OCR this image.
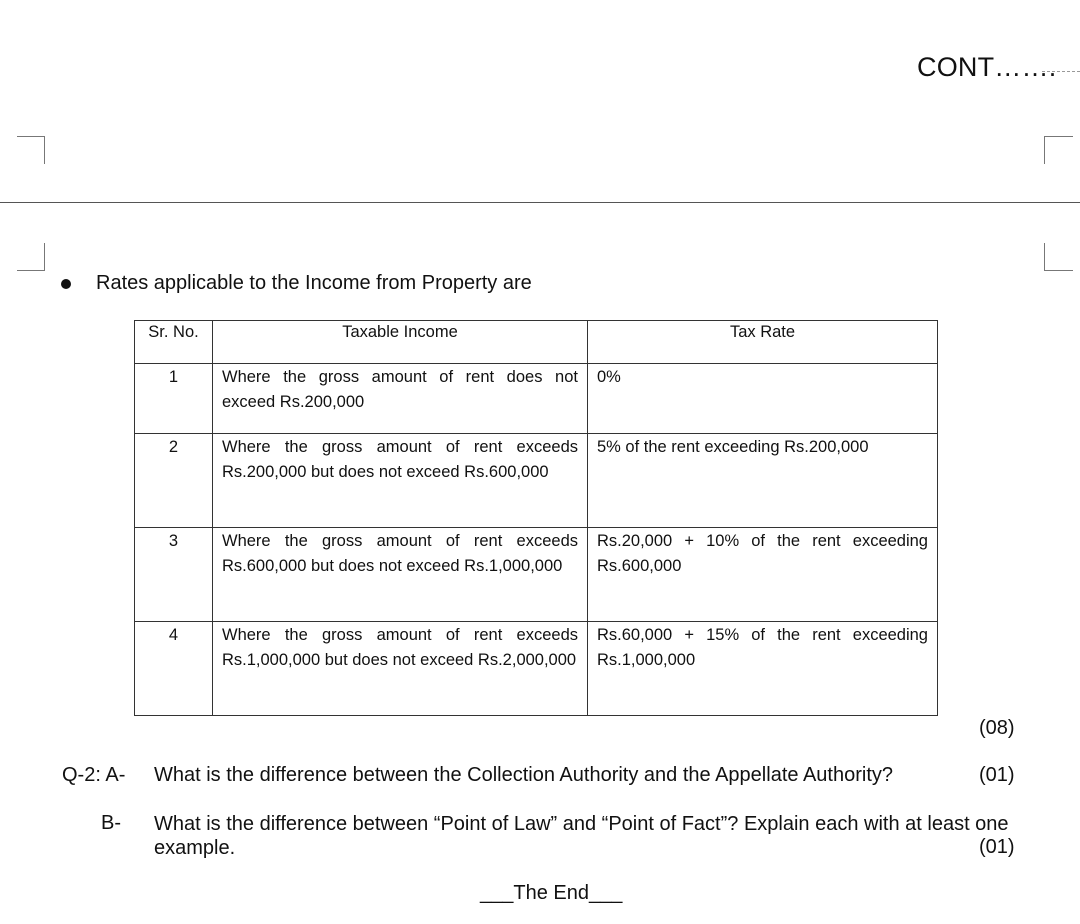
CONT…….
Rates applicable to the Income from Property are
Sr. No.	Taxable Income	Tax Rate
1	Where the gross amount of rent does not exceed Rs.200,000	0%
2	Where the gross amount of rent exceeds Rs.200,000 but does not exceed Rs.600,000	5% of the rent exceeding Rs.200,000
3	Where the gross amount of rent exceeds Rs.600,000 but does not exceed Rs.1,000,000	Rs.20,000 + 10% of the rent exceeding Rs.600,000
4	Where the gross amount of rent exceeds Rs.1,000,000 but does not exceed Rs.2,000,000	Rs.60,000 + 15% of the rent exceeding Rs.1,000,000
(08)
Q-2: A- What is the difference between the Collection Authority and the Appellate Authority?	(01)
B- What is the difference between “Point of Law” and “Point of Fact”? Explain each with at least one example.	(01)
___The End___
